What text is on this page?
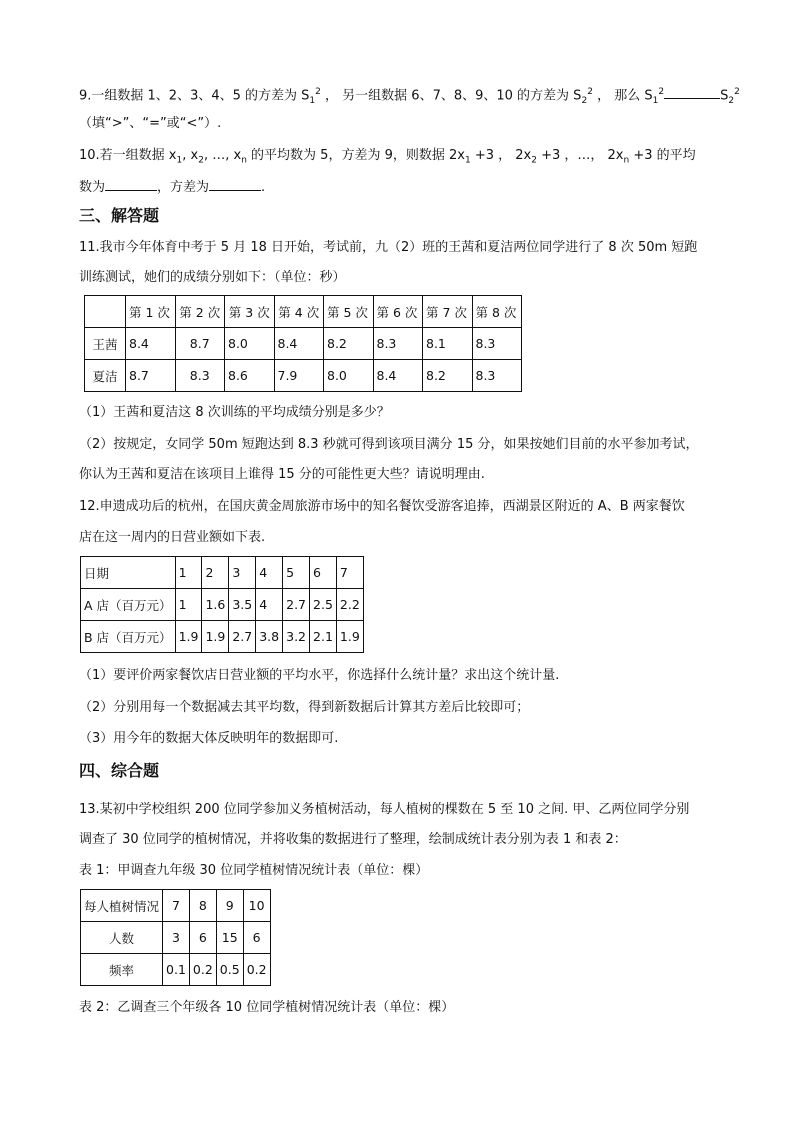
9.一组数据 1、2、3、4、5 的方差为 $S_1^2$ ， 另一组数据 6、7、8、9、10 的方差为 $S_2^2$ ， 那么 $S_1^2$	$S_2^2$
（填“>”、“=”或“<”）.
10.若一组数据 $x_1$, $x_2$, …, $x_n$ 的平均数为 5，方差为 9，则数据 $2x_1 +3$ ， $2x_2 +3$ ，…， $2x_n +3$ 的平均
数为	，方差为	.
三、解答题
11.我市今年体育中考于 5 月 18 日开始，考试前，九（2）班的王茜和夏洁两位同学进行了 8 次 50m 短跑
训练测试，她们的成绩分别如下：（单位：秒）
	第 1 次	第 2 次	第 3 次	第 4 次	第 5 次	第 6 次	第 7 次	第 8 次
王茜	8.4	8.7	8.0	8.4	8.2	8.3	8.1	8.3
夏洁	8.7	8.3	8.6	7.9	8.0	8.4	8.2	8.3
（1）王茜和夏洁这 8 次训练的平均成绩分别是多少？
（2）按规定，女同学 50m 短跑达到 8.3 秒就可得到该项目满分 15 分，如果按她们目前的水平参加考试，
你认为王茜和夏洁在该项目上谁得 15 分的可能性更大些？请说明理由.
12.申遗成功后的杭州，在国庆黄金周旅游市场中的知名餐饮受游客追捧，西湖景区附近的 A、B 两家餐饮
店在这一周内的日营业额如下表.
日期	1	2	3	4	5	6	7
A 店（百万元）	1	1.6	3.5	4	2.7	2.5	2.2
B 店（百万元）	1.9	1.9	2.7	3.8	3.2	2.1	1.9
（1）要评价两家餐饮店日营业额的平均水平，你选择什么统计量？求出这个统计量.
（2）分别用每一个数据减去其平均数，得到新数据后计算其方差后比较即可；
（3）用今年的数据大体反映明年的数据即可.
四、综合题
13.某初中学校组织 200 位同学参加义务植树活动，每人植树的棵数在 5 至 10 之间. 甲、乙两位同学分别
调查了 30 位同学的植树情况，并将收集的数据进行了整理，绘制成统计表分别为表 1 和表 2：
表 1：甲调查九年级 30 位同学植树情况统计表（单位：棵）
每人植树情况	7	8	9	10
人数	3	6	15	6
频率	0.1	0.2	0.5	0.2
表 2：乙调查三个年级各 10 位同学植树情况统计表（单位：棵）
